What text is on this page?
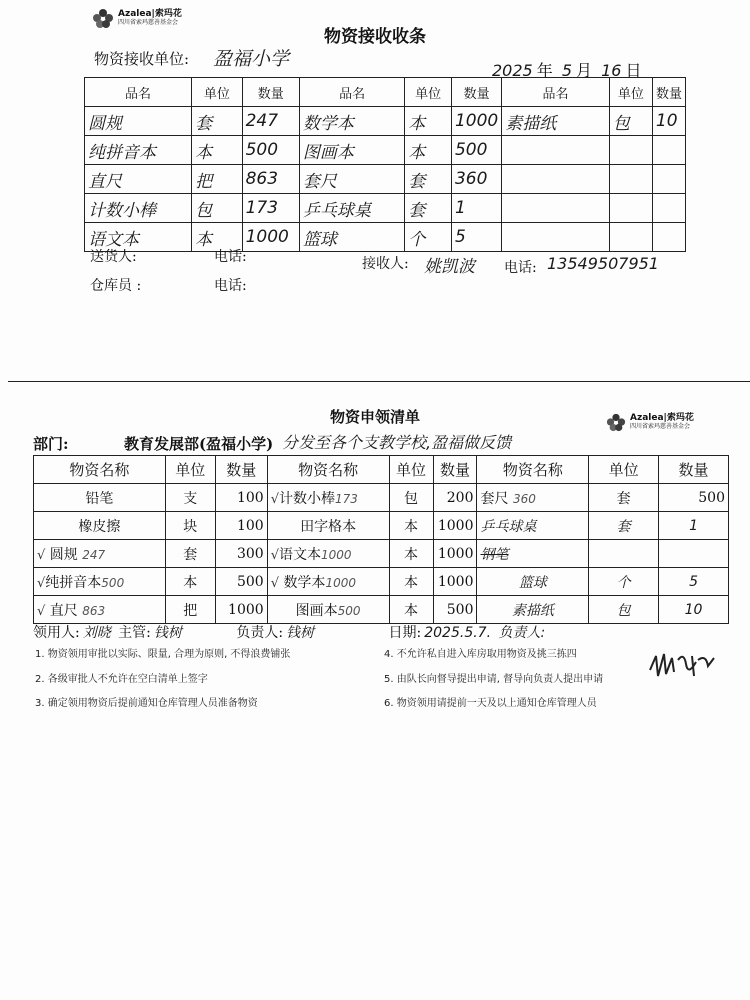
Azalea|索玛花
四川省索玛慈善基金会
物资接收收条
物资接收单位: 盈福小学
2025 年 5 月 16 日
品名	单位	数量	品名	单位	数量	品名	单位	数量
圆规	套	247	数学本	本	1000	素描纸	包	10
纯拼音本	本	500	图画本	本	500			
直尺	把	863	套尺	套	360			
计数小棒	包	173	乒乓球桌	套	1			
语文本	本	1000	篮球	个	5			
送货人:	电话:	接收人: 姚凯波 电话: 13549507951
仓库员 :	电话:
Azalea|索玛花
四川省索玛慈善基金会
物资申领清单
部门:	教育发展部(盈福小学) 分发至各个支教学校,盈福做反馈
物资名称	单位	数量	物资名称	单位	数量	物资名称	单位	数量
铅笔	支	100	√计数小棒173	包	200	套尺 360	套	500
橡皮擦	块	100	田字格本	本	1000	乒乓球桌	套	1
√ 圆规 247	套	300	√语文本1000	本	1000	钢笔		
√纯拼音本500	本	500	√ 数学本1000	本	1000	篮球	个	5
√ 直尺 863	把	1000	图画本500	本	500	素描纸	包	10
领用人: 刘晓 主管: 钱树	负责人: 钱树	日期: 2025.5.7. 负责人:
1. 物资领用审批以实际、限量, 合理为原则, 不得浪费铺张
2. 各级审批人不允许在空白清单上签字
3. 确定领用物资后提前通知仓库管理人员准备物资
4. 不允许私自进入库房取用物资及挑三拣四
5. 由队长向督导提出申请, 督导向负责人提出申请
6. 物资领用请提前一天及以上通知仓库管理人员
